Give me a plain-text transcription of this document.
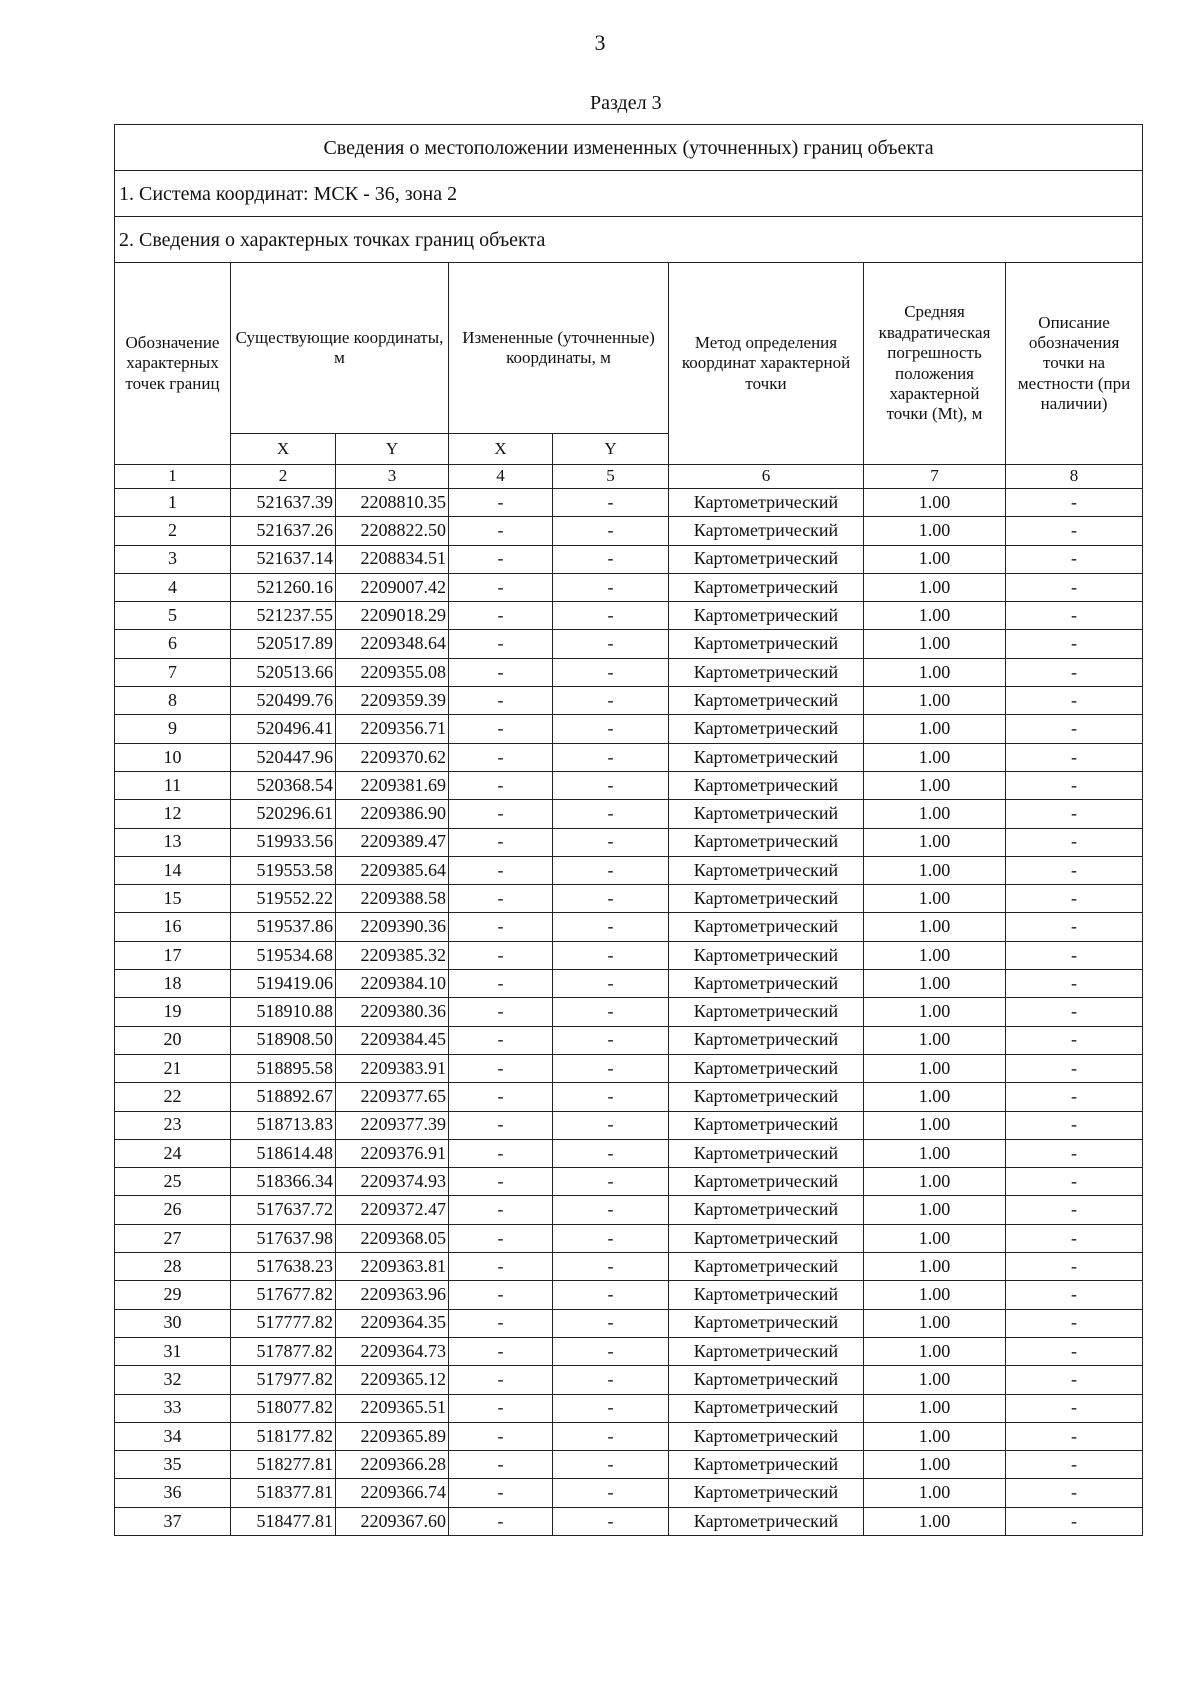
3
Раздел 3
Сведения о местоположении измененных (уточненных) границ объекта							
1. Система координат: МСК - 36, зона 2							
2. Сведения о характерных точках границ объекта							
Обозначение характерных точек границ	Существующие координаты, м		Измененные (уточненные) координаты, м		Метод определения координат характерной точки	Средняя квадратическая погрешность положения характерной точки (Mt), м	Описание обозначения точки на местности (при наличии)
	X	Y	X	Y			
1	2	3	4	5	6	7	8
1	521637.39	2208810.35	-	-	Картометрический	1.00	-
2	521637.26	2208822.50	-	-	Картометрический	1.00	-
3	521637.14	2208834.51	-	-	Картометрический	1.00	-
4	521260.16	2209007.42	-	-	Картометрический	1.00	-
5	521237.55	2209018.29	-	-	Картометрический	1.00	-
6	520517.89	2209348.64	-	-	Картометрический	1.00	-
7	520513.66	2209355.08	-	-	Картометрический	1.00	-
8	520499.76	2209359.39	-	-	Картометрический	1.00	-
9	520496.41	2209356.71	-	-	Картометрический	1.00	-
10	520447.96	2209370.62	-	-	Картометрический	1.00	-
11	520368.54	2209381.69	-	-	Картометрический	1.00	-
12	520296.61	2209386.90	-	-	Картометрический	1.00	-
13	519933.56	2209389.47	-	-	Картометрический	1.00	-
14	519553.58	2209385.64	-	-	Картометрический	1.00	-
15	519552.22	2209388.58	-	-	Картометрический	1.00	-
16	519537.86	2209390.36	-	-	Картометрический	1.00	-
17	519534.68	2209385.32	-	-	Картометрический	1.00	-
18	519419.06	2209384.10	-	-	Картометрический	1.00	-
19	518910.88	2209380.36	-	-	Картометрический	1.00	-
20	518908.50	2209384.45	-	-	Картометрический	1.00	-
21	518895.58	2209383.91	-	-	Картометрический	1.00	-
22	518892.67	2209377.65	-	-	Картометрический	1.00	-
23	518713.83	2209377.39	-	-	Картометрический	1.00	-
24	518614.48	2209376.91	-	-	Картометрический	1.00	-
25	518366.34	2209374.93	-	-	Картометрический	1.00	-
26	517637.72	2209372.47	-	-	Картометрический	1.00	-
27	517637.98	2209368.05	-	-	Картометрический	1.00	-
28	517638.23	2209363.81	-	-	Картометрический	1.00	-
29	517677.82	2209363.96	-	-	Картометрический	1.00	-
30	517777.82	2209364.35	-	-	Картометрический	1.00	-
31	517877.82	2209364.73	-	-	Картометрический	1.00	-
32	517977.82	2209365.12	-	-	Картометрический	1.00	-
33	518077.82	2209365.51	-	-	Картометрический	1.00	-
34	518177.82	2209365.89	-	-	Картометрический	1.00	-
35	518277.81	2209366.28	-	-	Картометрический	1.00	-
36	518377.81	2209366.74	-	-	Картометрический	1.00	-
37	518477.81	2209367.60	-	-	Картометрический	1.00	-
